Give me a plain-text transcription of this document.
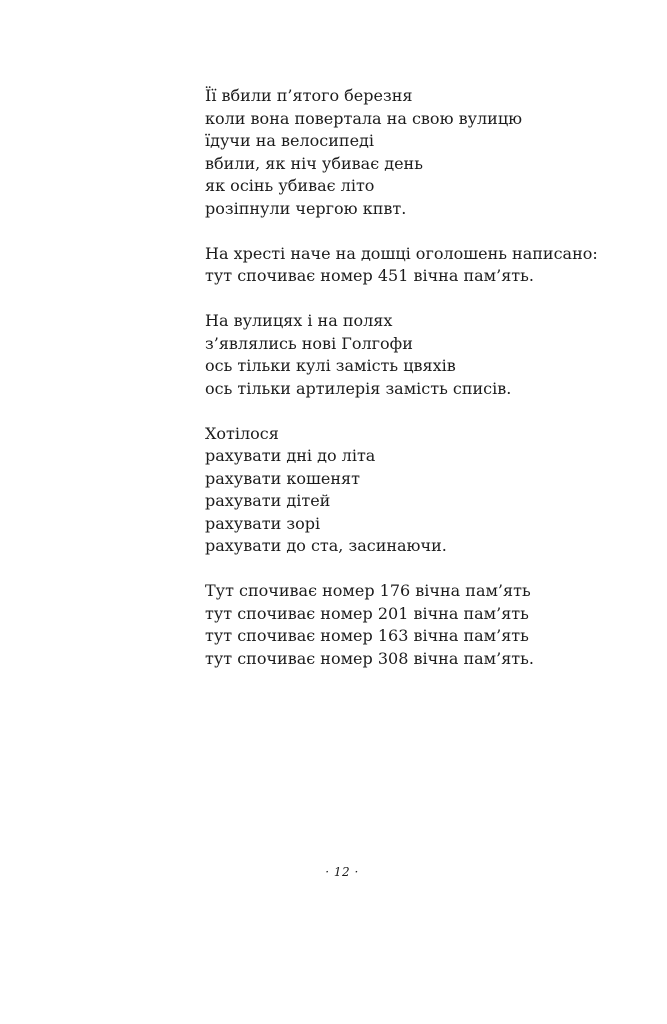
Її вбили п’ятого березня

коли вона повертала на свою вулицю

їдучи на велосипеді

вбили, як ніч убиває день

як осінь убиває літо

розіпнули чергою кпвт.

На хресті наче на дошці оголошень написано:

тут спочиває номер 451 вічна пам’ять.

На вулицях і на полях

з’являлись нові Голгофи

ось тільки кулі замість цвяхів

ось тільки артилерія замість списів.

Хотілося

рахувати дні до літа

рахувати кошенят

рахувати дітей

рахувати зорі

рахувати до ста, засинаючи.

Тут спочиває номер 176 вічна пам’ять

тут спочиває номер 201 вічна пам’ять

тут спочиває номер 163 вічна пам’ять

тут спочиває номер 308 вічна пам’ять.

· 12 ·
